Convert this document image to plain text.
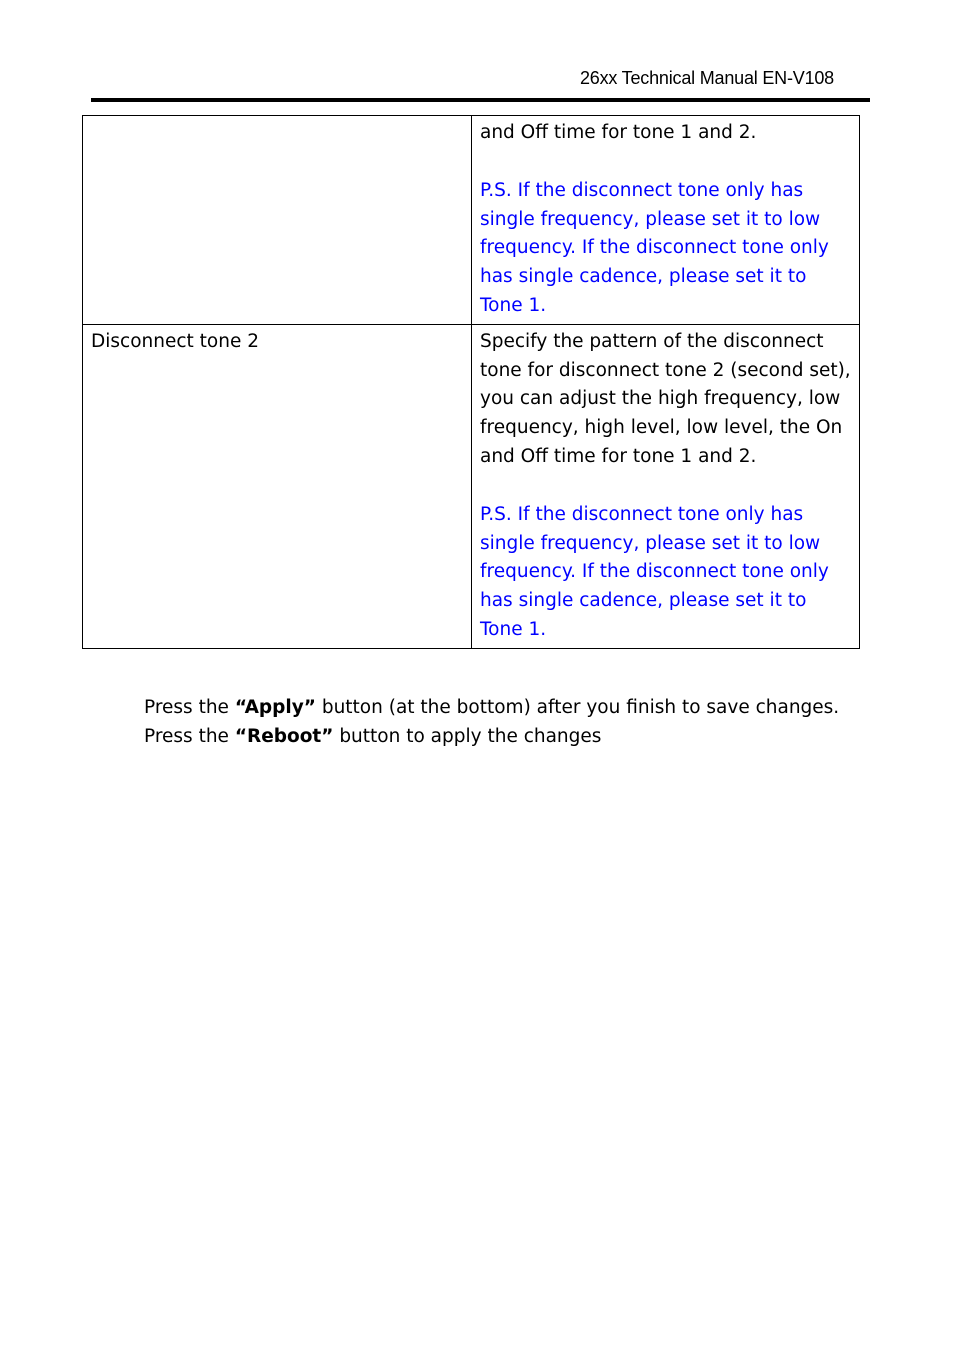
26xx Technical Manual EN-V108

	and Off time for tone 1 and 2.
P.S. If the disconnect tone only has single frequency, please set it to low frequency. If the disconnect tone only has single cadence, please set it to Tone 1.

Disconnect tone 2	Specify the pattern of the disconnect tone for disconnect tone 2 (second set), you can adjust the high frequency, low frequency, high level, low level, the On and Off time for tone 1 and 2.
P.S. If the disconnect tone only has single frequency, please set it to low frequency. If the disconnect tone only has single cadence, please set it to Tone 1.

Press the “Apply” button (at the bottom) after you finish to save changes.

Press the “Reboot” button to apply the changes
